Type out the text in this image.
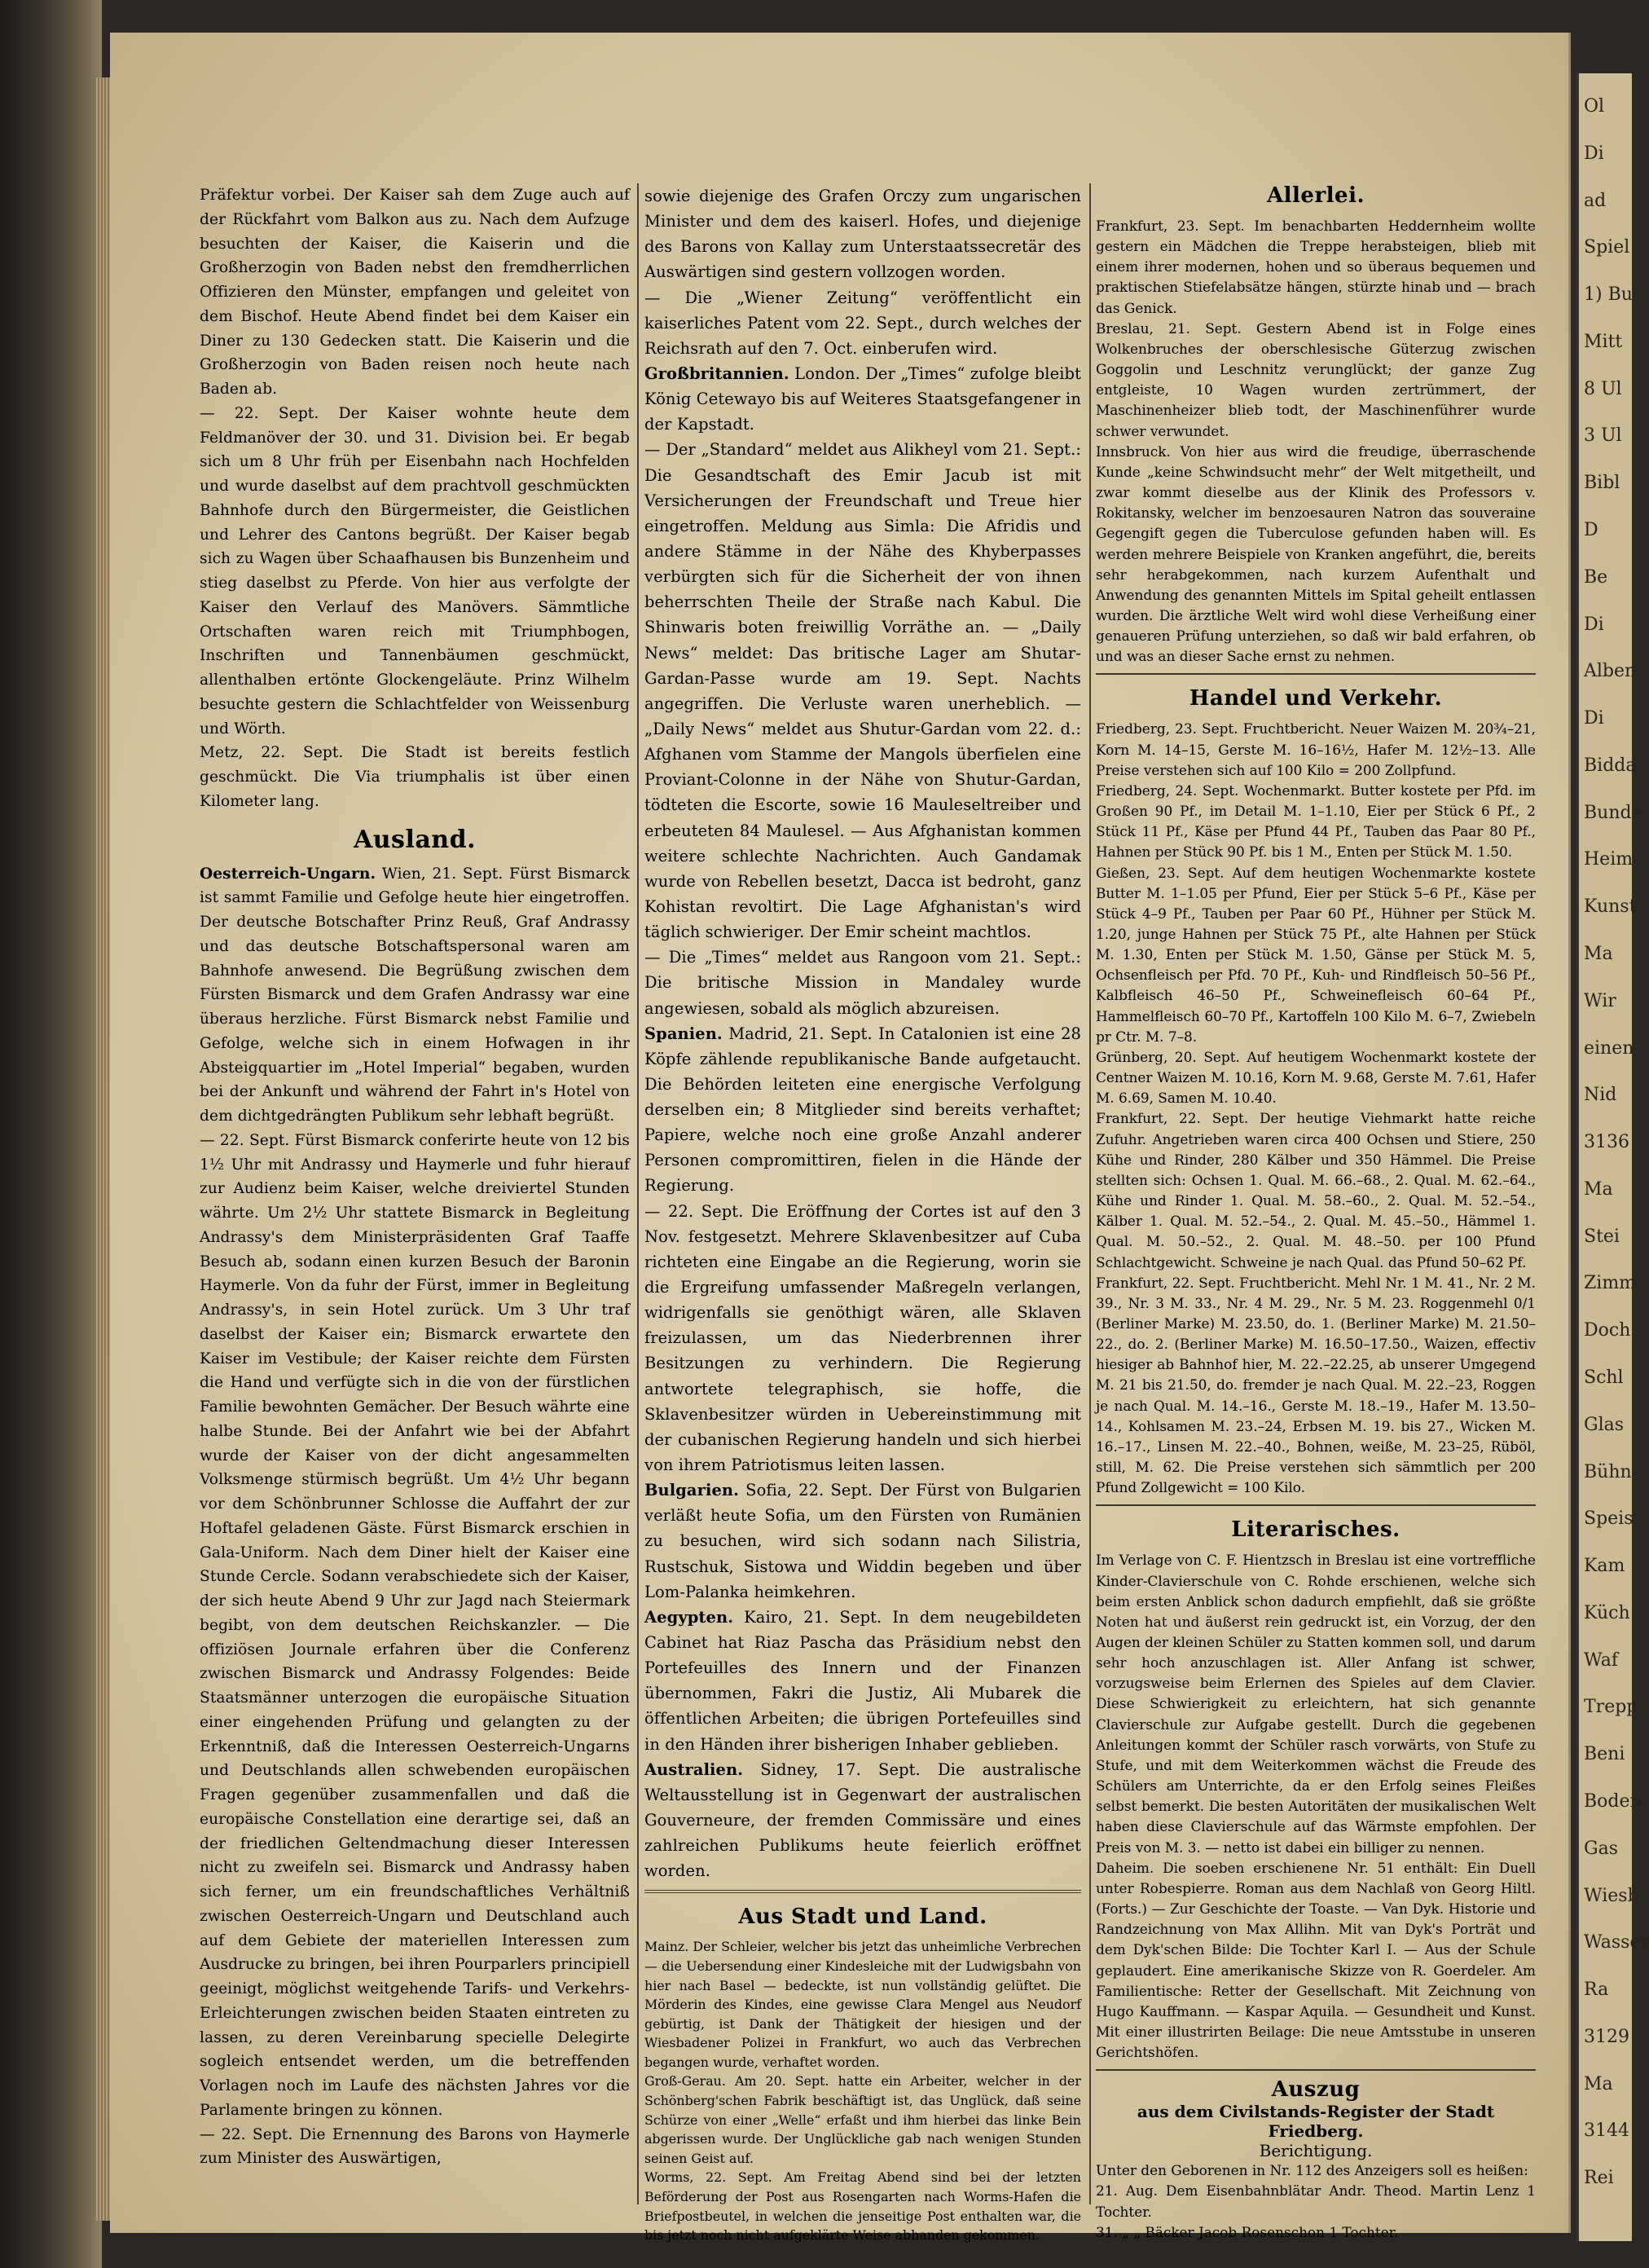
Ol
Di
ad
Spiel
1) Bu
Mitt
8 Ul
3 Ul
Bibl
D
Be
Di
Alben
Di
Bidda
Bunde
Heim
Kunst
Ma
Wir
einen
Nid
3136
Ma
Stei
Zimm
Doch
Schl
Glas
Bühn
Speis
Kam
Küch
Waf
Trepp
Beni
Boden
Gas
Wiesb
Wasser
Ra
3129
Ma
3144
Rei

Präfektur vorbei. Der Kaiser sah dem Zuge auch auf der Rückfahrt vom Balkon aus zu. Nach dem Aufzuge besuchten der Kaiser, die Kaiserin und die Großherzogin von Baden nebst den fremdherrlichen Offizieren den Münster, empfangen und geleitet von dem Bischof. Heute Abend findet bei dem Kaiser ein Diner zu 130 Gedecken statt. Die Kaiserin und die Großherzogin von Baden reisen noch heute nach Baden ab.

— 22. Sept. Der Kaiser wohnte heute dem Feldmanöver der 30. und 31. Division bei. Er begab sich um 8 Uhr früh per Eisenbahn nach Hochfelden und wurde daselbst auf dem prachtvoll geschmückten Bahnhofe durch den Bürgermeister, die Geistlichen und Lehrer des Cantons begrüßt. Der Kaiser begab sich zu Wagen über Schaafhausen bis Bunzenheim und stieg daselbst zu Pferde. Von hier aus verfolgte der Kaiser den Verlauf des Manövers. Sämmtliche Ortschaften waren reich mit Triumphbogen, Inschriften und Tannenbäumen geschmückt, allenthalben ertönte Glockengeläute. Prinz Wilhelm besuchte gestern die Schlachtfelder von Weissenburg und Wörth.

Metz, 22. Sept. Die Stadt ist bereits festlich geschmückt. Die Via triumphalis ist über einen Kilometer lang.

Ausland.

Oesterreich-Ungarn. Wien, 21. Sept. Fürst Bismarck ist sammt Familie und Gefolge heute hier eingetroffen. Der deutsche Botschafter Prinz Reuß, Graf Andrassy und das deutsche Botschaftspersonal waren am Bahnhofe anwesend. Die Begrüßung zwischen dem Fürsten Bismarck und dem Grafen Andrassy war eine überaus herzliche. Fürst Bismarck nebst Familie und Gefolge, welche sich in einem Hofwagen in ihr Absteigquartier im „Hotel Imperial“ begaben, wurden bei der Ankunft und während der Fahrt in's Hotel von dem dichtgedrängten Publikum sehr lebhaft begrüßt.

— 22. Sept. Fürst Bismarck conferirte heute von 12 bis 1½ Uhr mit Andrassy und Haymerle und fuhr hierauf zur Audienz beim Kaiser, welche dreiviertel Stunden währte. Um 2½ Uhr stattete Bismarck in Begleitung Andrassy's dem Ministerpräsidenten Graf Taaffe Besuch ab, sodann einen kurzen Besuch der Baronin Haymerle. Von da fuhr der Fürst, immer in Begleitung Andrassy's, in sein Hotel zurück. Um 3 Uhr traf daselbst der Kaiser ein; Bismarck erwartete den Kaiser im Vestibule; der Kaiser reichte dem Fürsten die Hand und verfügte sich in die von der fürstlichen Familie bewohnten Gemächer. Der Besuch währte eine halbe Stunde. Bei der Anfahrt wie bei der Abfahrt wurde der Kaiser von der dicht angesammelten Volksmenge stürmisch begrüßt. Um 4½ Uhr begann vor dem Schönbrunner Schlosse die Auffahrt der zur Hoftafel geladenen Gäste. Fürst Bismarck erschien in Gala-Uniform. Nach dem Diner hielt der Kaiser eine Stunde Cercle. Sodann verabschiedete sich der Kaiser, der sich heute Abend 9 Uhr zur Jagd nach Steiermark begibt, von dem deutschen Reichskanzler. — Die offiziösen Journale erfahren über die Conferenz zwischen Bismarck und Andrassy Folgendes: Beide Staatsmänner unterzogen die europäische Situation einer eingehenden Prüfung und gelangten zu der Erkenntniß, daß die Interessen Oesterreich-Ungarns und Deutschlands allen schwebenden europäischen Fragen gegenüber zusammenfallen und daß die europäische Constellation eine derartige sei, daß an der friedlichen Geltendmachung dieser Interessen nicht zu zweifeln sei. Bismarck und Andrassy haben sich ferner, um ein freundschaftliches Verhältniß zwischen Oesterreich-Ungarn und Deutschland auch auf dem Gebiete der materiellen Interessen zum Ausdrucke zu bringen, bei ihren Pourparlers principiell geeinigt, möglichst weitgehende Tarifs- und Verkehrs-Erleichterungen zwischen beiden Staaten eintreten zu lassen, zu deren Vereinbarung specielle Delegirte sogleich entsendet werden, um die betreffenden Vorlagen noch im Laufe des nächsten Jahres vor die Parlamente bringen zu können.

— 22. Sept. Die Ernennung des Barons von Haymerle zum Minister des Auswärtigen,

sowie diejenige des Grafen Orczy zum ungarischen Minister und dem des kaiserl. Hofes, und diejenige des Barons von Kallay zum Unterstaatssecretär des Auswärtigen sind gestern vollzogen worden.

— Die „Wiener Zeitung“ veröffentlicht ein kaiserliches Patent vom 22. Sept., durch welches der Reichsrath auf den 7. Oct. einberufen wird.

Großbritannien. London. Der „Times“ zufolge bleibt König Cetewayo bis auf Weiteres Staatsgefangener in der Kapstadt.

— Der „Standard“ meldet aus Alikheyl vom 21. Sept.: Die Gesandtschaft des Emir Jacub ist mit Versicherungen der Freundschaft und Treue hier eingetroffen. Meldung aus Simla: Die Afridis und andere Stämme in der Nähe des Khyberpasses verbürgten sich für die Sicherheit der von ihnen beherrschten Theile der Straße nach Kabul. Die Shinwaris boten freiwillig Vorräthe an. — „Daily News“ meldet: Das britische Lager am Shutar-Gardan-Passe wurde am 19. Sept. Nachts angegriffen. Die Verluste waren unerheblich. — „Daily News“ meldet aus Shutur-Gardan vom 22. d.: Afghanen vom Stamme der Mangols überfielen eine Proviant-Colonne in der Nähe von Shutur-Gardan, tödteten die Escorte, sowie 16 Mauleseltreiber und erbeuteten 84 Maulesel. — Aus Afghanistan kommen weitere schlechte Nachrichten. Auch Gandamak wurde von Rebellen besetzt, Dacca ist bedroht, ganz Kohistan revoltirt. Die Lage Afghanistan's wird täglich schwieriger. Der Emir scheint machtlos.

— Die „Times“ meldet aus Rangoon vom 21. Sept.: Die britische Mission in Mandaley wurde angewiesen, sobald als möglich abzureisen.

Spanien. Madrid, 21. Sept. In Catalonien ist eine 28 Köpfe zählende republikanische Bande aufgetaucht. Die Behörden leiteten eine energische Verfolgung derselben ein; 8 Mitglieder sind bereits verhaftet; Papiere, welche noch eine große Anzahl anderer Personen compromittiren, fielen in die Hände der Regierung.

— 22. Sept. Die Eröffnung der Cortes ist auf den 3 Nov. festgesetzt. Mehrere Sklavenbesitzer auf Cuba richteten eine Eingabe an die Regierung, worin sie die Ergreifung umfassender Maßregeln verlangen, widrigenfalls sie genöthigt wären, alle Sklaven freizulassen, um das Niederbrennen ihrer Besitzungen zu verhindern. Die Regierung antwortete telegraphisch, sie hoffe, die Sklavenbesitzer würden in Uebereinstimmung mit der cubanischen Regierung handeln und sich hierbei von ihrem Patriotismus leiten lassen.

Bulgarien. Sofia, 22. Sept. Der Fürst von Bulgarien verläßt heute Sofia, um den Fürsten von Rumänien zu besuchen, wird sich sodann nach Silistria, Rustschuk, Sistowa und Widdin begeben und über Lom-Palanka heimkehren.

Aegypten. Kairo, 21. Sept. In dem neugebildeten Cabinet hat Riaz Pascha das Präsidium nebst den Portefeuilles des Innern und der Finanzen übernommen, Fakri die Justiz, Ali Mubarek die öffentlichen Arbeiten; die übrigen Portefeuilles sind in den Händen ihrer bisherigen Inhaber geblieben.

Australien. Sidney, 17. Sept. Die australische Weltausstellung ist in Gegenwart der australischen Gouverneure, der fremden Commissäre und eines zahlreichen Publikums heute feierlich eröffnet worden.

Aus Stadt und Land.

Mainz. Der Schleier, welcher bis jetzt das unheimliche Verbrechen — die Uebersendung einer Kindesleiche mit der Ludwigsbahn von hier nach Basel — bedeckte, ist nun vollständig gelüftet. Die Mörderin des Kindes, eine gewisse Clara Mengel aus Neudorf gebürtig, ist Dank der Thätigkeit der hiesigen und der Wiesbadener Polizei in Frankfurt, wo auch das Verbrechen begangen wurde, verhaftet worden.

Groß-Gerau. Am 20. Sept. hatte ein Arbeiter, welcher in der Schönberg'schen Fabrik beschäftigt ist, das Unglück, daß seine Schürze von einer „Welle“ erfaßt und ihm hierbei das linke Bein abgerissen wurde. Der Unglückliche gab nach wenigen Stunden seinen Geist auf.

Worms, 22. Sept. Am Freitag Abend sind bei der letzten Beförderung der Post aus Rosengarten nach Worms-Hafen die Briefpostbeutel, in welchen die jenseitige Post enthalten war, die bis jetzt noch nicht aufgeklärte Weise abhanden gekommen.

Allerlei.

Frankfurt, 23. Sept. Im benachbarten Heddernheim wollte gestern ein Mädchen die Treppe herabsteigen, blieb mit einem ihrer modernen, hohen und so überaus bequemen und praktischen Stiefelabsätze hängen, stürzte hinab und — brach das Genick.

Breslau, 21. Sept. Gestern Abend ist in Folge eines Wolkenbruches der oberschlesische Güterzug zwischen Goggolin und Leschnitz verunglückt; der ganze Zug entgleiste, 10 Wagen wurden zertrümmert, der Maschinenheizer blieb todt, der Maschinenführer wurde schwer verwundet.

Innsbruck. Von hier aus wird die freudige, überraschende Kunde „keine Schwindsucht mehr“ der Welt mitgetheilt, und zwar kommt dieselbe aus der Klinik des Professors v. Rokitansky, welcher im benzoesauren Natron das souveraine Gegengift gegen die Tuberculose gefunden haben will. Es werden mehrere Beispiele von Kranken angeführt, die, bereits sehr herabgekommen, nach kurzem Aufenthalt und Anwendung des genannten Mittels im Spital geheilt entlassen wurden. Die ärztliche Welt wird wohl diese Verheißung einer genaueren Prüfung unterziehen, so daß wir bald erfahren, ob und was an dieser Sache ernst zu nehmen.

Handel und Verkehr.

Friedberg, 23. Sept. Fruchtbericht. Neuer Waizen M. 20¾–21, Korn M. 14–15, Gerste M. 16–16½, Hafer M. 12½–13. Alle Preise verstehen sich auf 100 Kilo = 200 Zollpfund.

Friedberg, 24. Sept. Wochenmarkt. Butter kostete per Pfd. im Großen 90 Pf., im Detail M. 1–1.10, Eier per Stück 6 Pf., 2 Stück 11 Pf., Käse per Pfund 44 Pf., Tauben das Paar 80 Pf., Hahnen per Stück 90 Pf. bis 1 M., Enten per Stück M. 1.50.

Gießen, 23. Sept. Auf dem heutigen Wochenmarkte kostete Butter M. 1–1.05 per Pfund, Eier per Stück 5–6 Pf., Käse per Stück 4–9 Pf., Tauben per Paar 60 Pf., Hühner per Stück M. 1.20, junge Hahnen per Stück 75 Pf., alte Hahnen per Stück M. 1.30, Enten per Stück M. 1.50, Gänse per Stück M. 5, Ochsenfleisch per Pfd. 70 Pf., Kuh- und Rindfleisch 50–56 Pf., Kalbfleisch 46–50 Pf., Schweinefleisch 60–64 Pf., Hammelfleisch 60–70 Pf., Kartoffeln 100 Kilo M. 6–7, Zwiebeln pr Ctr. M. 7–8.

Grünberg, 20. Sept. Auf heutigem Wochenmarkt kostete der Centner Waizen M. 10.16, Korn M. 9.68, Gerste M. 7.61, Hafer M. 6.69, Samen M. 10.40.

Frankfurt, 22. Sept. Der heutige Viehmarkt hatte reiche Zufuhr. Angetrieben waren circa 400 Ochsen und Stiere, 250 Kühe und Rinder, 280 Kälber und 350 Hämmel. Die Preise stellten sich: Ochsen 1. Qual. M. 66.–68., 2. Qual. M. 62.–64., Kühe und Rinder 1. Qual. M. 58.–60., 2. Qual. M. 52.–54., Kälber 1. Qual. M. 52.–54., 2. Qual. M. 45.–50., Hämmel 1. Qual. M. 50.–52., 2. Qual. M. 48.–50. per 100 Pfund Schlachtgewicht. Schweine je nach Qual. das Pfund 50–62 Pf.

Frankfurt, 22. Sept. Fruchtbericht. Mehl Nr. 1 M. 41., Nr. 2 M. 39., Nr. 3 M. 33., Nr. 4 M. 29., Nr. 5 M. 23. Roggenmehl 0/1 (Berliner Marke) M. 23.50, do. 1. (Berliner Marke) M. 21.50–22., do. 2. (Berliner Marke) M. 16.50–17.50., Waizen, effectiv hiesiger ab Bahnhof hier, M. 22.–22.25, ab unserer Umgegend M. 21 bis 21.50, do. fremder je nach Qual. M. 22.–23, Roggen je nach Qual. M. 14.–16., Gerste M. 18.–19., Hafer M. 13.50–14., Kohlsamen M. 23.–24, Erbsen M. 19. bis 27., Wicken M. 16.–17., Linsen M. 22.–40., Bohnen, weiße, M. 23–25, Rüböl, still, M. 62. Die Preise verstehen sich sämmtlich per 200 Pfund Zollgewicht = 100 Kilo.

Literarisches.

Im Verlage von C. F. Hientzsch in Breslau ist eine vortreffliche Kinder-Clavierschule von C. Rohde erschienen, welche sich beim ersten Anblick schon dadurch empfiehlt, daß sie größte Noten hat und äußerst rein gedruckt ist, ein Vorzug, der den Augen der kleinen Schüler zu Statten kommen soll, und darum sehr hoch anzuschlagen ist. Aller Anfang ist schwer, vorzugsweise beim Erlernen des Spieles auf dem Clavier. Diese Schwierigkeit zu erleichtern, hat sich genannte Clavierschule zur Aufgabe gestellt. Durch die gegebenen Anleitungen kommt der Schüler rasch vorwärts, von Stufe zu Stufe, und mit dem Weiterkommen wächst die Freude des Schülers am Unterrichte, da er den Erfolg seines Fleißes selbst bemerkt. Die besten Autoritäten der musikalischen Welt haben diese Clavierschule auf das Wärmste empfohlen. Der Preis von M. 3. — netto ist dabei ein billiger zu nennen.

Daheim. Die soeben erschienene Nr. 51 enthält: Ein Duell unter Robespierre. Roman aus dem Nachlaß von Georg Hiltl. (Forts.) — Zur Geschichte der Toaste. — Van Dyk. Historie und Randzeichnung von Max Allihn. Mit van Dyk's Porträt und dem Dyk'schen Bilde: Die Tochter Karl I. — Aus der Schule geplaudert. Eine amerikanische Skizze von R. Goerdeler. Am Familientische: Retter der Gesellschaft. Mit Zeichnung von Hugo Kauffmann. — Kaspar Aquila. — Gesundheit und Kunst. Mit einer illustrirten Beilage: Die neue Amtsstube in unseren Gerichtshöfen.

Auszug
aus dem Civilstands-Register der Stadt Friedberg.
Berichtigung.

Unter den Geborenen in Nr. 112 des Anzeigers soll es heißen:

21. Aug. Dem Eisenbahnblätar Andr. Theod. Martin Lenz 1 Tochter.

31. „ „ Bäcker Jacob Rosenschon 1 Tochter.
